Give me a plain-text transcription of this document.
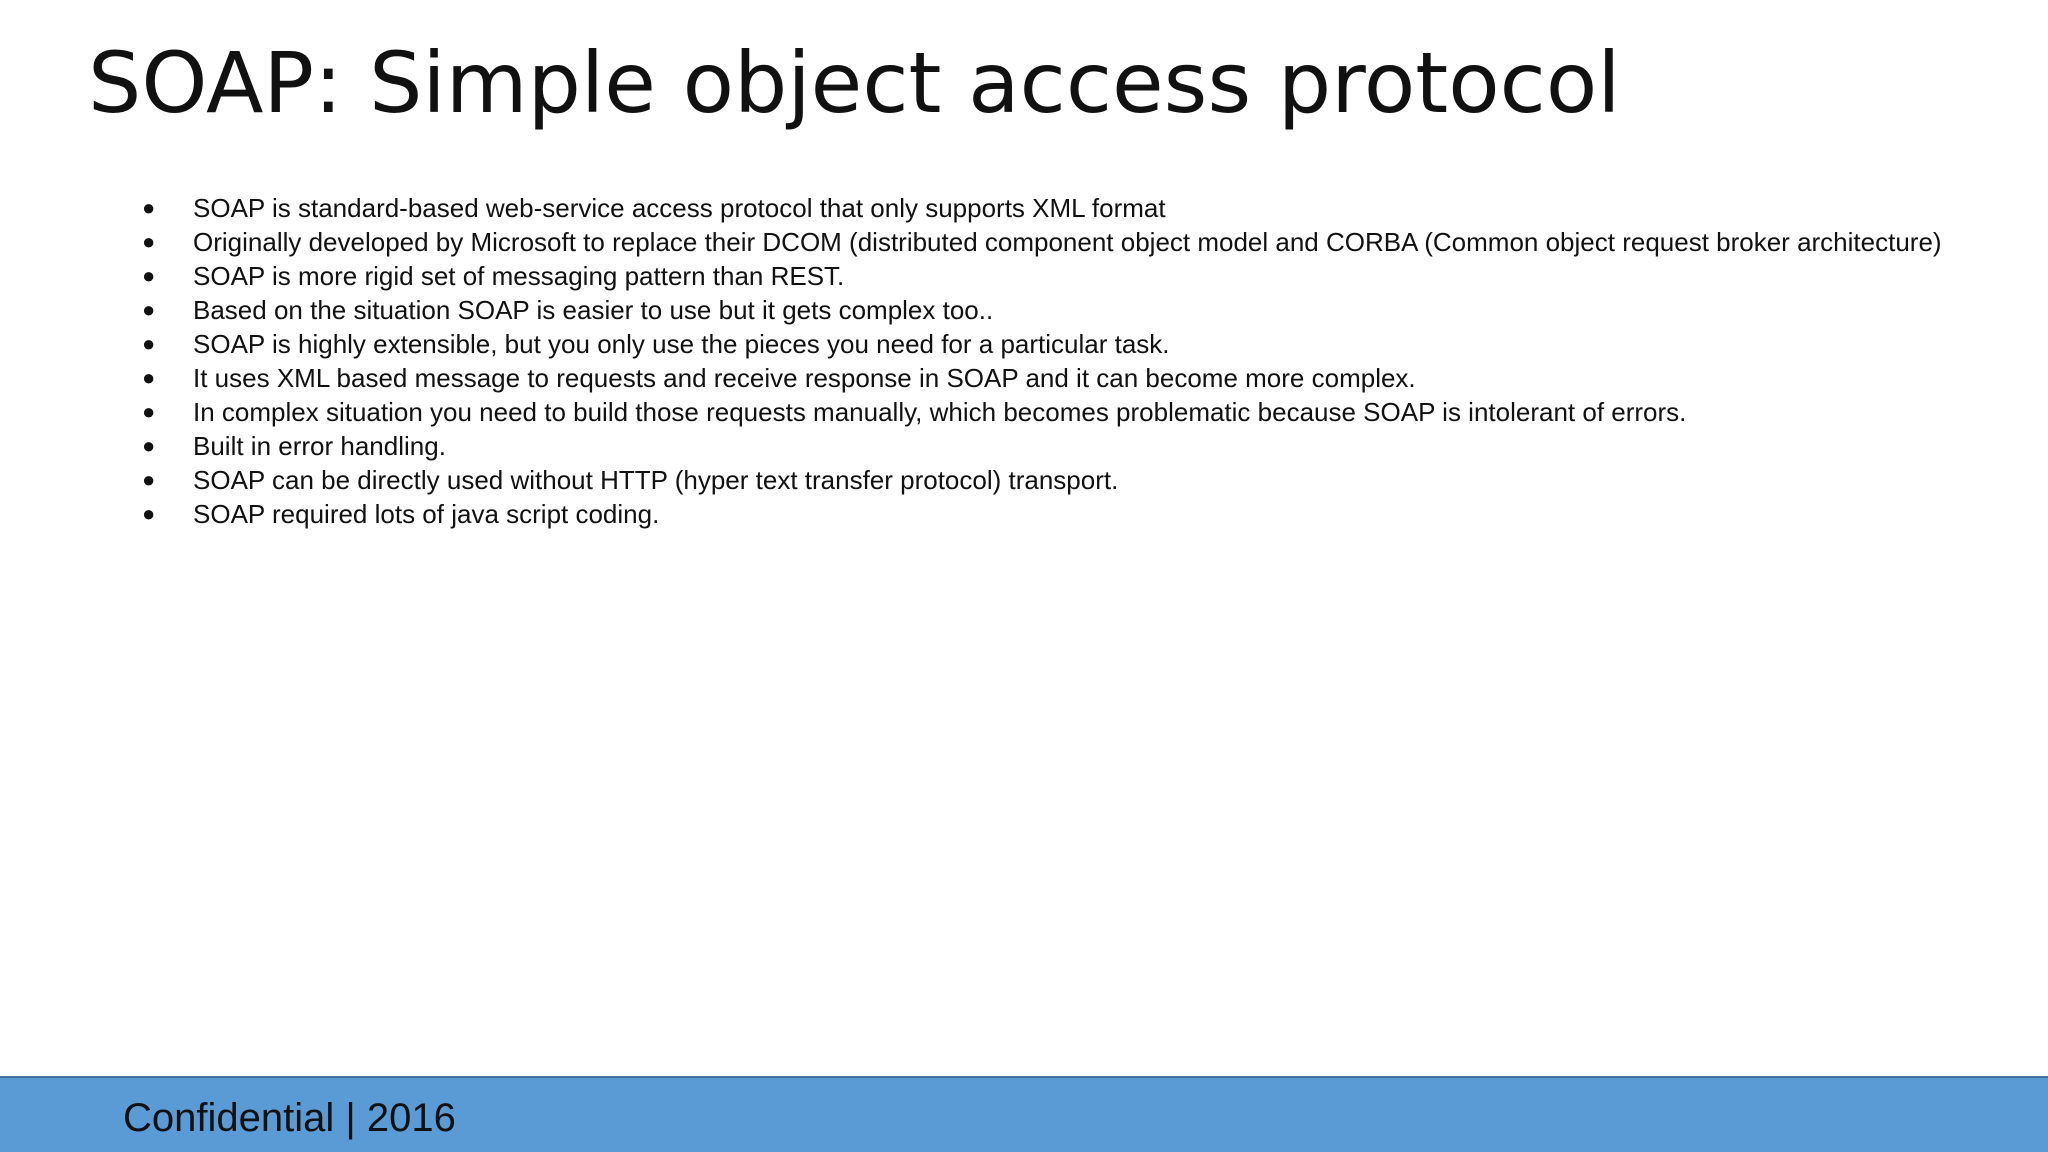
SOAP: Simple object access protocol
● SOAP is standard-based web-service access protocol that only supports XML format
● Originally developed by Microsoft to replace their DCOM (distributed component object model and CORBA (Common object request broker architecture)
● SOAP is more rigid set of messaging pattern than REST.
● Based on the situation SOAP is easier to use but it gets complex too..
● SOAP is highly extensible, but you only use the pieces you need for a particular task.
● It uses XML based message to requests and receive response in SOAP and it can become more complex.
● In complex situation you need to build those requests manually, which becomes problematic because SOAP is intolerant of errors.
● Built in error handling.
● SOAP can be directly used without HTTP (hyper text transfer protocol) transport.
● SOAP required lots of java script coding.
Confidential | 2016
